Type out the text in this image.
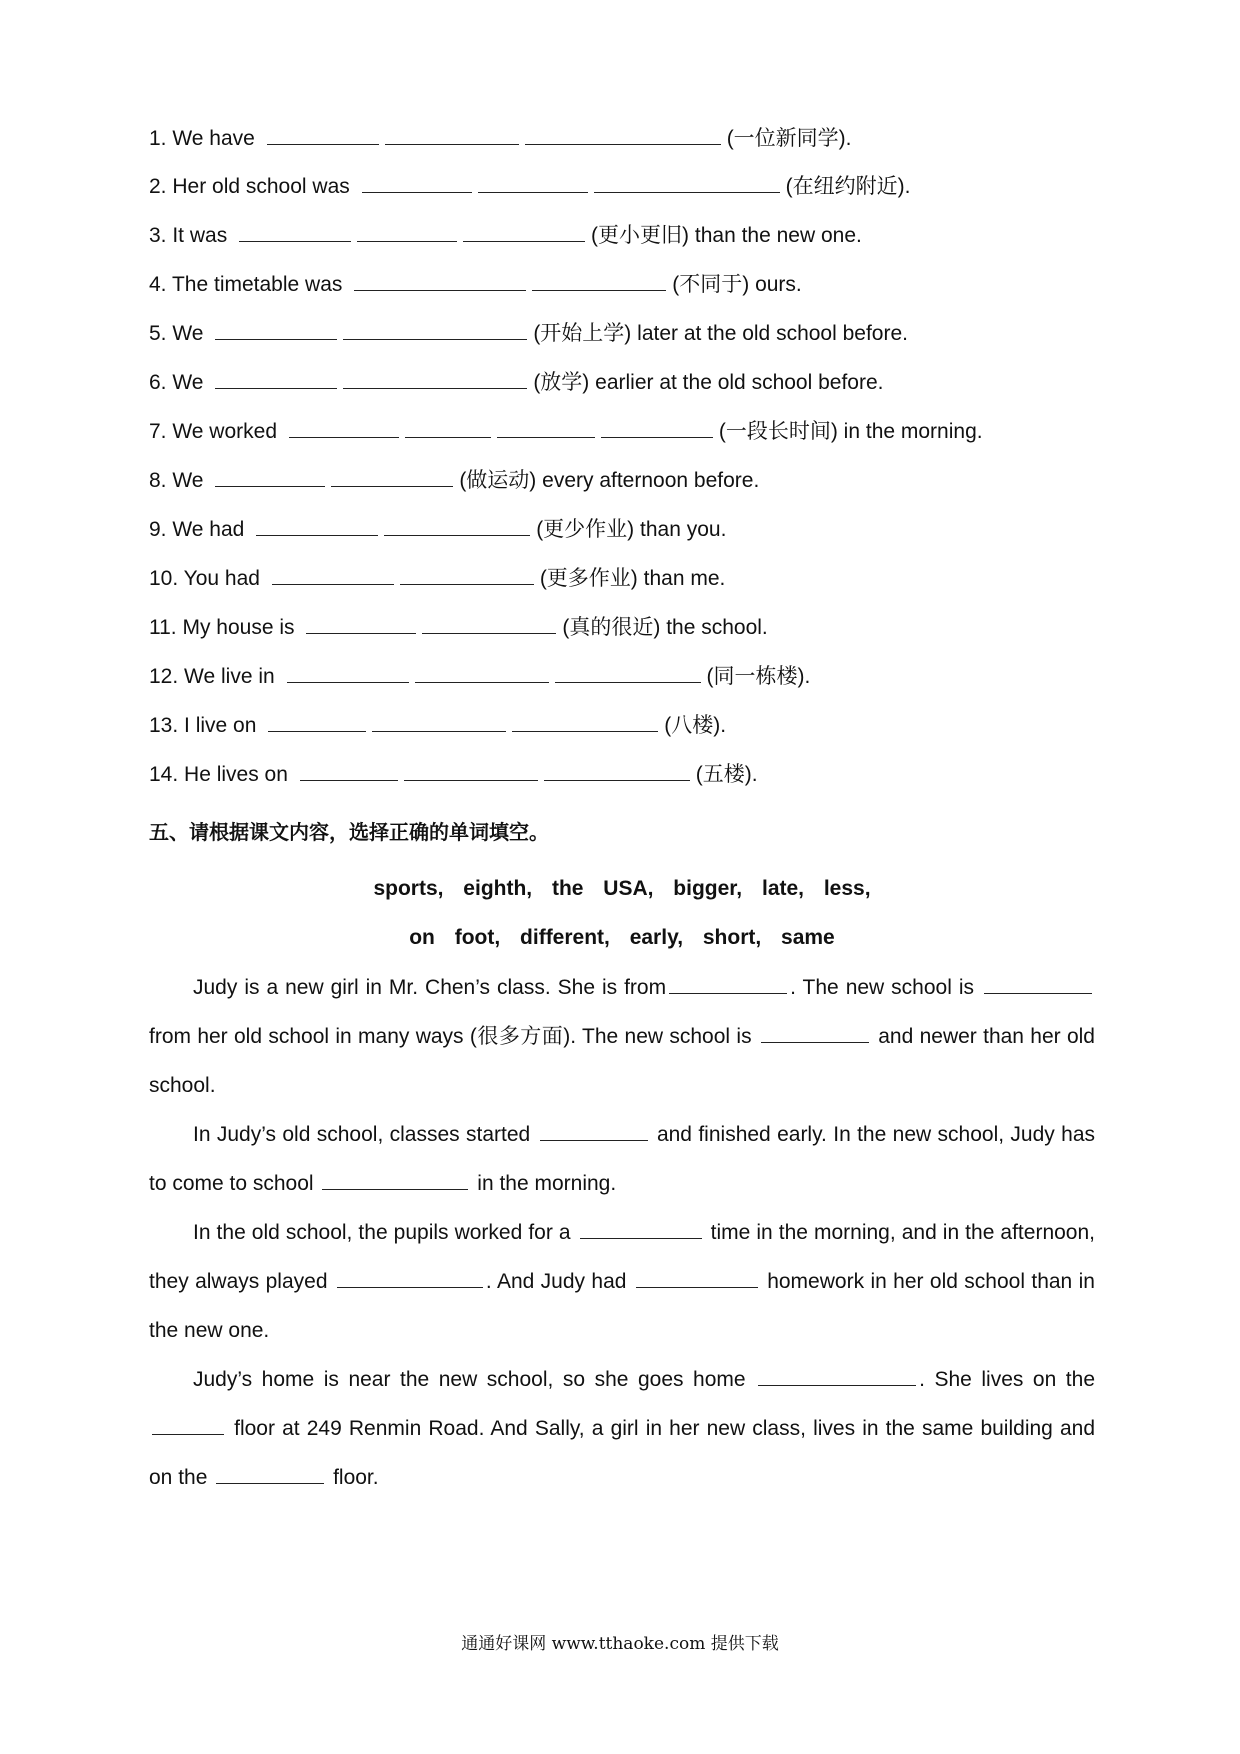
1. We have	(一位新同学).
2. Her old school was	(在纽约附近).
3. It was	(更小更旧) than the new one.
4. The timetable was	(不同于) ours.
5. We	(开始上学) later at the old school before.
6. We	(放学) earlier at the old school before.
7. We worked	(一段长时间) in the morning.
8. We	(做运动) every afternoon before.
9. We had	(更少作业) than you.
10. You had	(更多作业) than me.
11. My house is	(真的很近) the school.
12. We live in	(同一栋楼).
13. I live on	(八楼).
14. He lives on	(五楼).
五、请根据课文内容，选择正确的单词填空。
sports, eighth, the USA, bigger, late, less,
on foot, different, early, short, same
Judy is a new girl in Mr. Chen’s class. She is from	. The new school is  from her old school in many ways (很多方面). The new school is	and newer than her old school.
In Judy’s old school, classes started	and finished early. In the new school, Judy has to come to school	in the morning.
In the old school, the pupils worked for a	time in the morning, and in the afternoon, they always played	. And Judy had	homework in her old school than in the new one.
Judy’s home is near the new school, so she goes home	. She lives on the  floor at 249 Renmin Road. And Sally, a girl in her new class, lives in the same building and on the	floor.
通通好课网 www.tthaoke.com 提供下载
